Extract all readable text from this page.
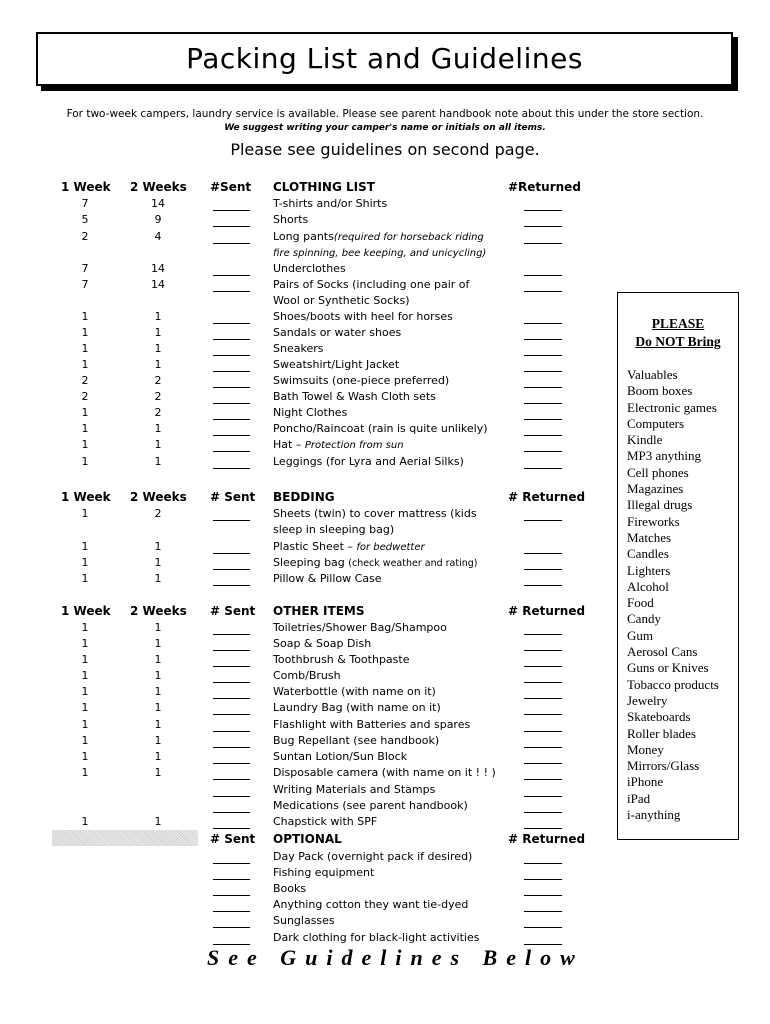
Packing List and Guidelines
For two-week campers, laundry service is available. Please see parent handbook note about this under the store section.
We suggest writing your camper's name or initials on all items.
Please see guidelines on second page.
1 Week 2 Weeks #Sent CLOTHING LIST	#Returned
7	14	T-shirts and/or Shirts
5	9	Shorts
2	4	Long pants(required for horseback riding
fire spinning, bee keeping, and unicycling)
7	14	Underclothes
7	14	Pairs of Socks (including one pair of
Wool or Synthetic Socks)
1	1	Shoes/boots with heel for horses
1	1	Sandals or water shoes
1	1	Sneakers
1	1	Sweatshirt/Light Jacket
2	2	Swimsuits (one-piece preferred)
2	2	Bath Towel & Wash Cloth sets
1	2	Night Clothes
1	1	Poncho/Raincoat (rain is quite unlikely)
1	1	Hat – Protection from sun
1	1	Leggings (for Lyra and Aerial Silks)
1 Week 2 Weeks # Sent BEDDING	# Returned
1	2	Sheets (twin) to cover mattress (kids
sleep in sleeping bag)
1	1	Plastic Sheet – for bedwetter
1	1	Sleeping bag (check weather and rating)
1	1	Pillow & Pillow Case
1 Week 2 Weeks # Sent OTHER ITEMS	# Returned
1	1	Toiletries/Shower Bag/Shampoo
1	1	Soap & Soap Dish
1	1	Toothbrush & Toothpaste
1	1	Comb/Brush
1	1	Waterbottle (with name on it)
1	1	Laundry Bag (with name on it)
1	1	Flashlight with Batteries and spares
1	1	Bug Repellant (see handbook)
1	1	Suntan Lotion/Sun Block
1	1	Disposable camera (with name on it ! ! )
Writing Materials and Stamps
Medications (see parent handbook)
1	1	Chapstick with SPF
# Sent OPTIONAL	# Returned
Day Pack (overnight pack if desired)
Fishing equipment
Books
Anything cotton they want tie-dyed
Sunglasses
Dark clothing for black-light activities
PLEASE
Do NOT Bring
Valuables
Boom boxes
Electronic games
Computers
Kindle
MP3 anything
Cell phones
Magazines
Illegal drugs
Fireworks
Matches
Candles
Lighters
Alcohol
Food
Candy
Gum
Aerosol Cans
Guns or Knives
Tobacco products
Jewelry
Skateboards
Roller blades
Money
Mirrors/Glass
iPhone
iPad
i-anything
See Guidelines Below
